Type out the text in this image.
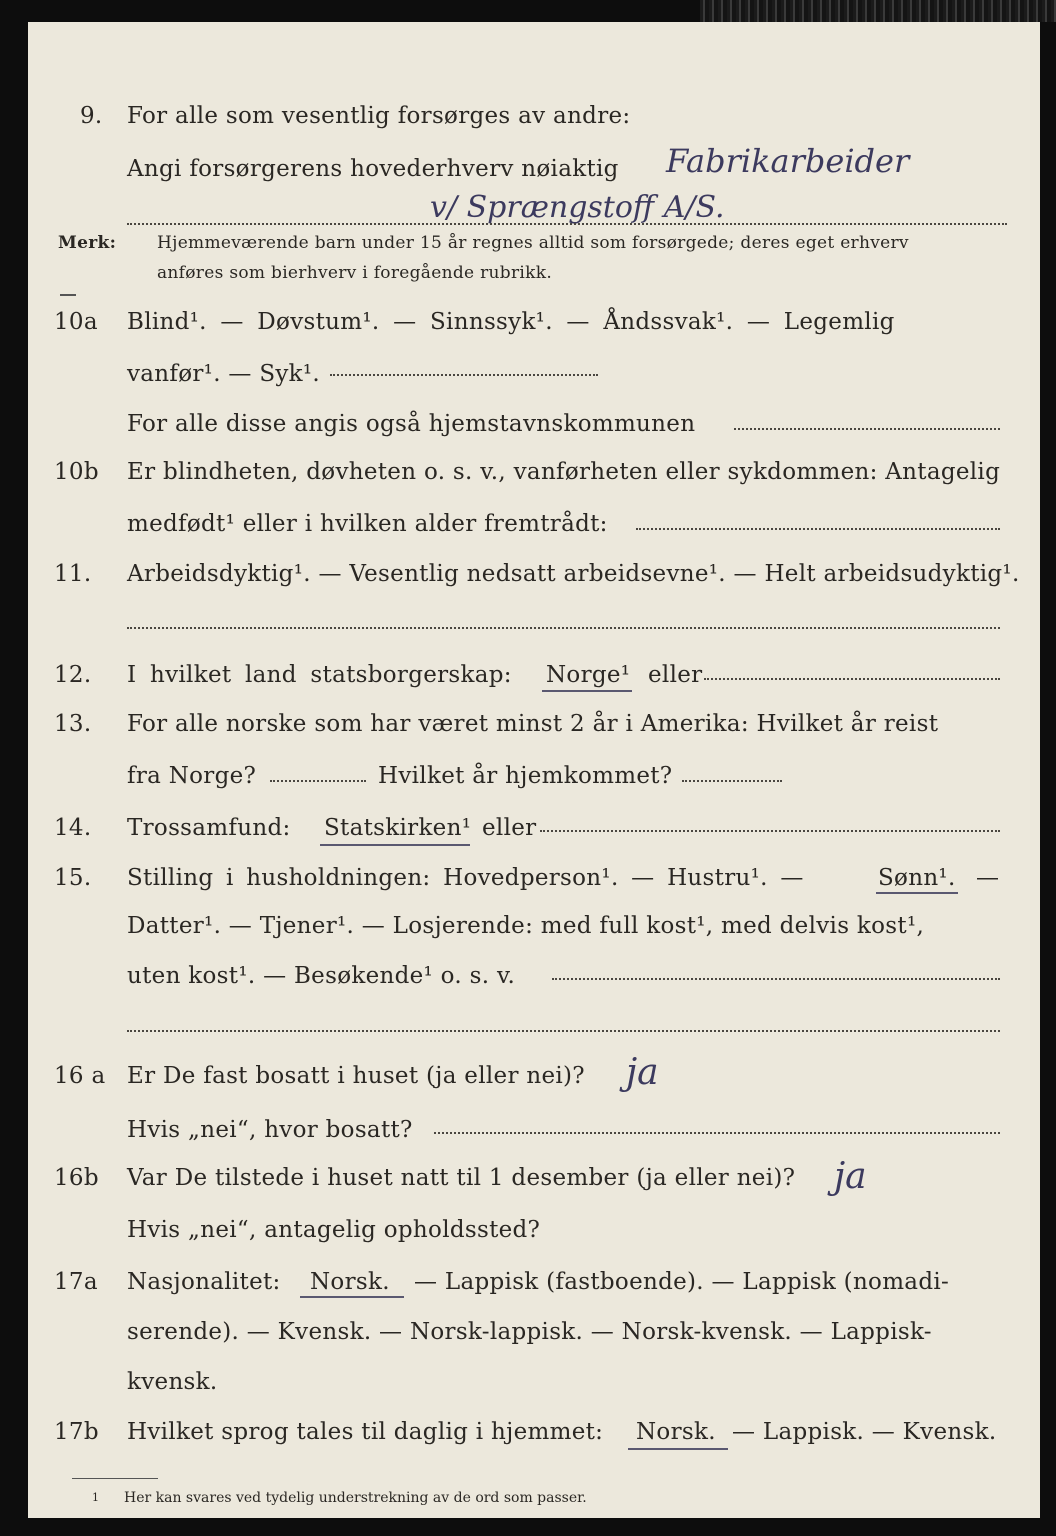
9. For alle som vesentlig forsørges av andre:
Angi forsørgerens hovederhverv nøiaktig Fabrikarbeider
v/ Sprængstoff A/S.
Merk: Hjemmeværende barn under 15 år regnes alltid som forsørgede; deres eget erhverv
anføres som bierhverv i foregående rubrikk.
10a Blind¹. — Døvstum¹. — Sinnssyk¹. — Åndssvak¹. — Legemlig
vanfør¹. — Syk¹.
For alle disse angis også hjemstavnskommunen
10b Er blindheten, døvheten o. s. v., vanførheten eller sykdommen: Antagelig
medfødt¹ eller i hvilken alder fremtrådt:
11. Arbeidsdyktig¹. — Vesentlig nedsatt arbeidsevne¹. — Helt arbeidsudyktig¹.
12. I hvilket land statsborgerskap: Norge¹ eller
13. For alle norske som har været minst 2 år i Amerika: Hvilket år reist
fra Norge?	Hvilket år hjemkommet?
14. Trossamfund: Statskirken¹ eller
15. Stilling i husholdningen: Hovedperson¹. — Hustru¹. —	Sønn¹. —
Datter¹. — Tjener¹. — Losjerende: med full kost¹, med delvis kost¹,
uten kost¹. — Besøkende¹ o. s. v.
16 a Er De fast bosatt i huset (ja eller nei)? ja
Hvis „nei“, hvor bosatt?
16b Var De tilstede i huset natt til 1 desember (ja eller nei)? ja
Hvis „nei“, antagelig opholdssted?
17a Nasjonalitet: Norsk. — Lappisk (fastboende). — Lappisk (nomadi-
serende). — Kvensk. — Norsk-lappisk. — Norsk-kvensk. — Lappisk-
kvensk.
17b Hvilket sprog tales til daglig i hjemmet: Norsk. — Lappisk. — Kvensk.
1 Her kan svares ved tydelig understrekning av de ord som passer.
